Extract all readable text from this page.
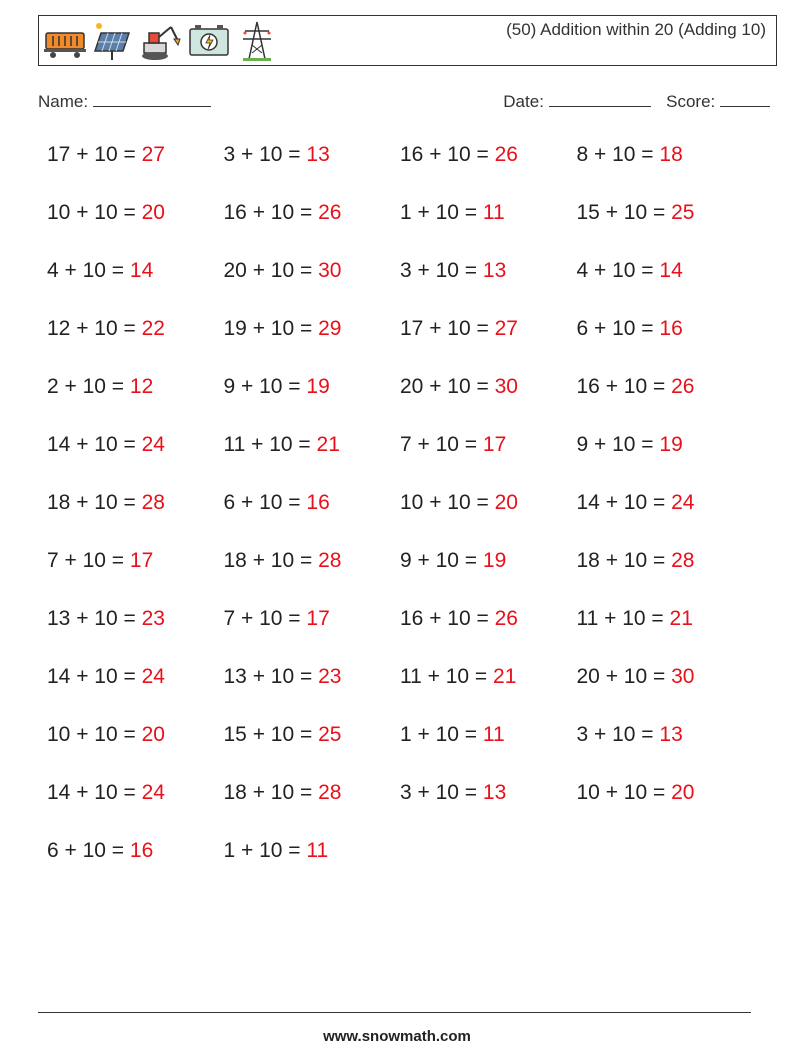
(50) Addition within 20 (Adding 10)
Name:	Date:	Score:
17 + 10 = 27
10 + 10 = 20
4 + 10 = 14
12 + 10 = 22
2 + 10 = 12
14 + 10 = 24
18 + 10 = 28
7 + 10 = 17
13 + 10 = 23
14 + 10 = 24
10 + 10 = 20
14 + 10 = 24
6 + 10 = 16
3 + 10 = 13
16 + 10 = 26
20 + 10 = 30
19 + 10 = 29
9 + 10 = 19
11 + 10 = 21
6 + 10 = 16
18 + 10 = 28
7 + 10 = 17
13 + 10 = 23
15 + 10 = 25
18 + 10 = 28
1 + 10 = 11
16 + 10 = 26
1 + 10 = 11
3 + 10 = 13
17 + 10 = 27
20 + 10 = 30
7 + 10 = 17
10 + 10 = 20
9 + 10 = 19
16 + 10 = 26
11 + 10 = 21
1 + 10 = 11
3 + 10 = 13
8 + 10 = 18
15 + 10 = 25
4 + 10 = 14
6 + 10 = 16
16 + 10 = 26
9 + 10 = 19
14 + 10 = 24
18 + 10 = 28
11 + 10 = 21
20 + 10 = 30
3 + 10 = 13
10 + 10 = 20
www.snowmath.com
